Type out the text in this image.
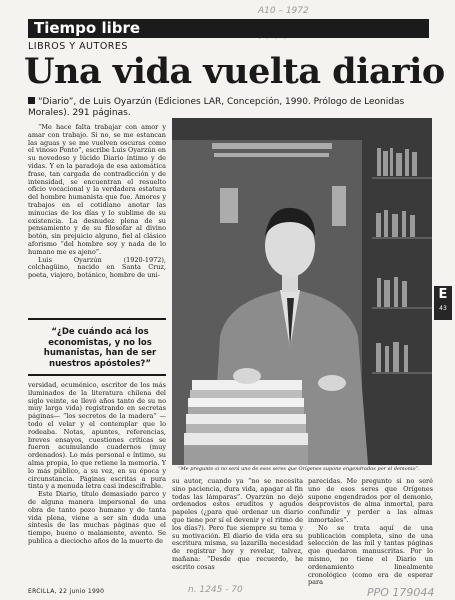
A10 – 1972
Tiempo libre
LIBROS Y AUTORES
Una vida vuelta diario
“Diario”, de Luis Oyarzún (Ediciones LAR, Concepción, 1990. Prólogo de Leonidas Morales). 291 páginas.

“Me hace falta trabajar con amor y amar con trabajo. Si no, se me estancan las aguas y se me vuelven oscuras como el vinoso Ponto”, escribe Luis Oyarzún en su novedoso y lúcido Diario íntimo y de vidas. Y en la paradoja de esa axiomática frase, tan cargada de contradicción y de intensidad, se encuentran el resuelto oficio vocacional y la verdadera estatura del hombre humanista que fue. Amores y trabajos en el cotidiano anotar las minucias de los días y lo sublime de su existencia. La desnudez plena de su pensamiento y de su filosofar al divino botón, sin prejuicio alguno, fiel al clásico aforismo “del hombre soy y nada de lo humano me es ajeno”.

Luis Oyarzún (1920-1972), colchagüino, nacido en Santa Cruz, poeta, viajero, botánico, hombre de uni-

“¿De cuándo acá los economistas, y no los humanistas, han de ser nuestros apóstoles?”

versidad, ecuménico, escritor de los más iluminados de la literatura chilena del siglo veinte, se llevó años tanto de su no muy larga vida) registrando en secretas páginas— “los secretos de la madera” —todo el velar y el contemplar que lo rodeaba. Notas, apuntes, referencias, breves ensayos, cuestiones críticas se fueron acumulando cuadernos (muy ordenados). Lo más personal e íntimo, su alma propia, lo que retiene la memoria. Y lo más público, a su vez, en su época y circunstancia. Páginas escritas a pura tinta y a menuda letra casi indescifrable.

Este Diario, título demasiado parco y de alguna manera impersonal de una obra de tanto pozo humano y de tanta vida plena, viene a ser sin duda una síntesis de las muchas páginas que el tiempo, bueno o malamente, avento. Se publica a dieciocho años de la muerte de

“Me pregunto si no será uno de esos seres que Orígenes supone engendrados por el demonio”.

su autor, cuando ya “no se necesita sino paciencia, dura vida, apagar al fin todas las lámparas”. Oyarzún no dejó ordenados estos eruditos y agudos papeles (¿para qué ordenar un diario que tiene por sí el devenir y el ritmo de los días?). Pero fue siempre su tema y su motivación. El diario de vida era su escritura misma, su lazarilla necesidad de registrar hoy y revelar, talvez, mañana: “Desde que recuerdo, he escrito cosas

parecidas. Me pregunto si no seré uno de esos seres que Orígenes supone engendrados por el demonio, desprovistos de alma inmortal, para confundir y perder a las almas inmortales”.

No se trata aquí de una publicación completa, sino de una selección de las mil y tantas páginas que quedaron manuscritas. Por lo mismo, no tiene el Diario un ordenamiento linealmente cronológico (como era de esperar para

E
43
ERCILLA, 22 junio 1990	n. 1245 - 70	PPO 179044
